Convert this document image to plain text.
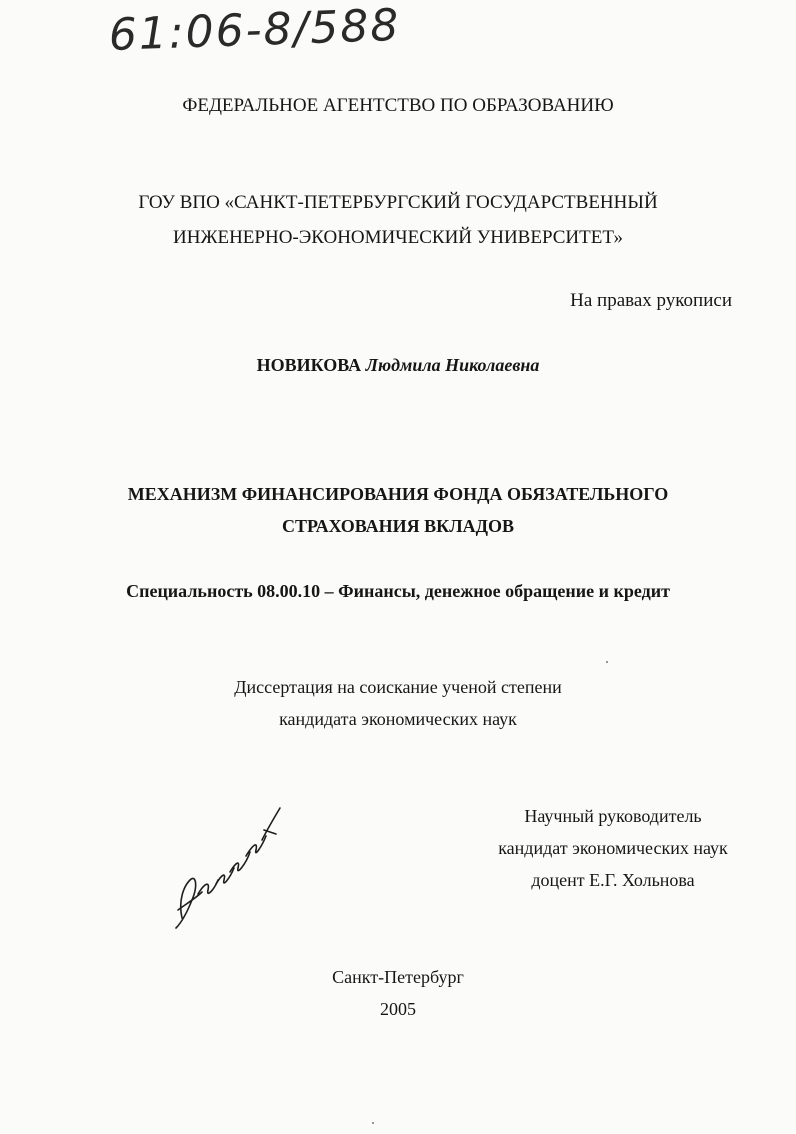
61:06-8/588
ФЕДЕРАЛЬНОЕ АГЕНТСТВО ПО ОБРАЗОВАНИЮ
ГОУ ВПО «САНКТ-ПЕТЕРБУРГСКИЙ ГОСУДАРСТВЕННЫЙ
ИНЖЕНЕРНО-ЭКОНОМИЧЕСКИЙ УНИВЕРСИТЕТ»
На правах рукописи
НОВИКОВА Людмила Николаевна
МЕХАНИЗМ ФИНАНСИРОВАНИЯ ФОНДА ОБЯЗАТЕЛЬНОГО
СТРАХОВАНИЯ ВКЛАДОВ
Специальность 08.00.10 – Финансы, денежное обращение и кредит
Диссертация на соискание ученой степени
кандидата экономических наук
Научный руководитель
кандидат экономических наук
доцент Е.Г. Хольнова
Санкт-Петербург
2005
